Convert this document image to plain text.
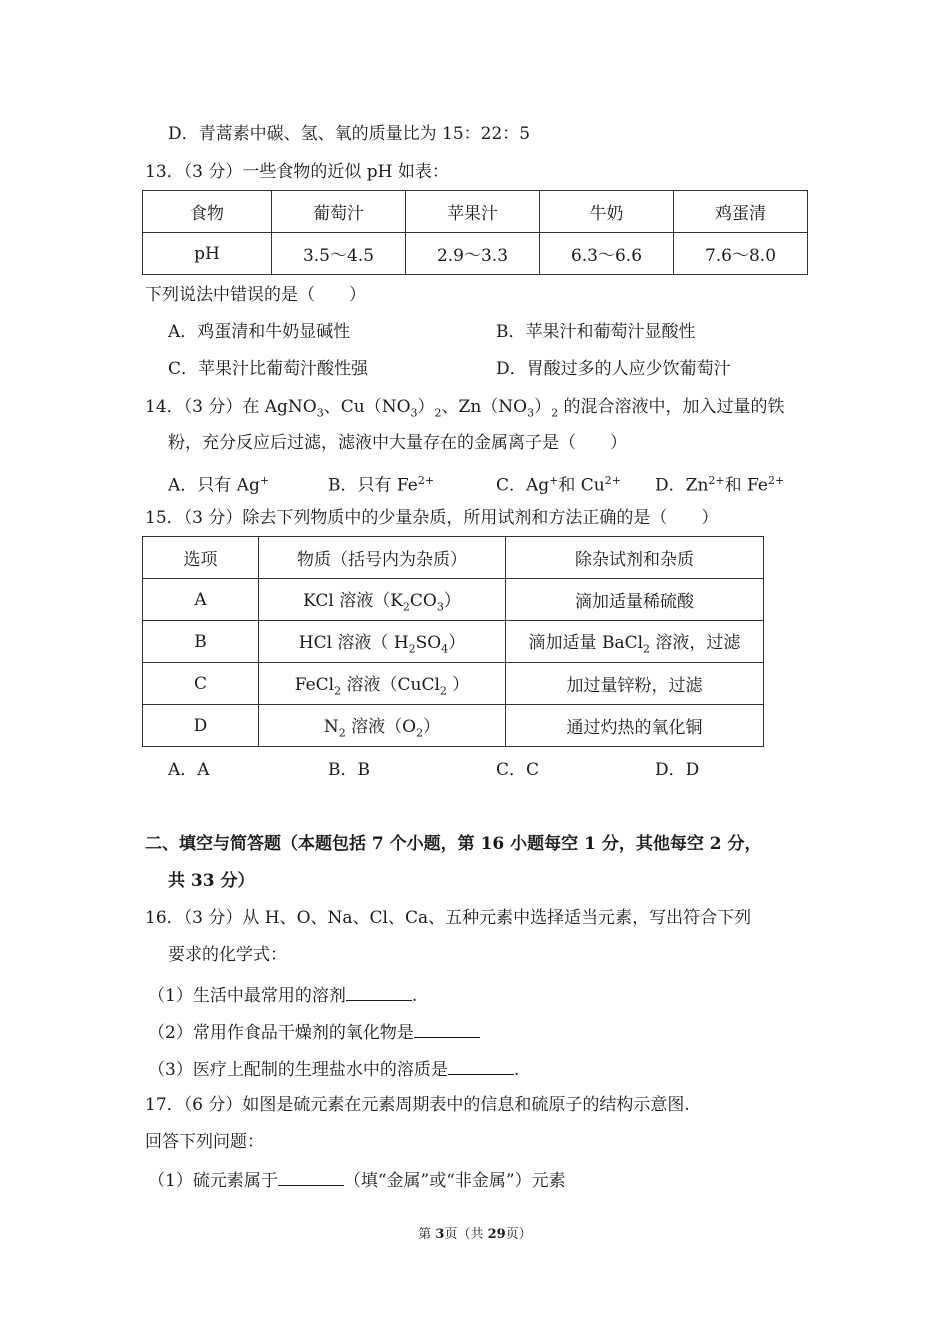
D．青蒿素中碳、氢、氧的质量比为 15：22：5
13．（3 分）一些食物的近似 pH 如表：
食物	葡萄汁	苹果汁	牛奶	鸡蛋清
pH	3.5～4.5	2.9～3.3	6.3～6.6	7.6～8.0
下列说法中错误的是（　　）
A．鸡蛋清和牛奶显碱性	B．苹果汁和葡萄汁显酸性
C．苹果汁比葡萄汁酸性强	D．胃酸过多的人应少饮葡萄汁
14．（3 分）在 AgNO$_3$、$Cu(NO_3)_2$、$Zn(NO_3)_2$ 的混合溶液中，加入过量的铁
粉，充分反应后过滤，滤液中大量存在的金属离子是（　　）
A．只有 Ag+	B．只有 $Fe^{2+}$	C．Ag+和 $Cu^{2+}$ D．$Zn^{2+}$和 $Fe^{2+}$
15．（3 分）除去下列物质中的少量杂质，所用试剂和方法正确的是（　　）
选项	物质（括号内为杂质）	除杂试剂和杂质
A	KCl 溶液$(K_2CO_3)$	滴加适量稀硫酸
B	HCl 溶液（ $H_2SO_4$）	滴加适量 BaCl$_2$ 溶液，过滤
C	FeCl$_2$ 溶液（CuCl$_2$ ）	加过量锌粉，过滤
D	$N_2$ 溶液$(O_2)$	通过灼热的氧化铜
A．A	B．B	C．C	D．D
二、填空与简答题（本题包括 7 个小题，第 16 小题每空 1 分，其他每空 2 分，
共 33 分）
16．（3 分）从 H、O、Na、Cl、Ca、五种元素中选择适当元素，写出符合下列
要求的化学式：
（1）生活中最常用的溶剂	.
（2）常用作食品干燥剂的氧化物是
（3）医疗上配制的生理盐水中的溶质是	.
17．（6 分）如图是硫元素在元素周期表中的信息和硫原子的结构示意图.
回答下列问题：
（1）硫元素属于	（填“金属”或“非金属”）元素
第 3页（共 29页）
